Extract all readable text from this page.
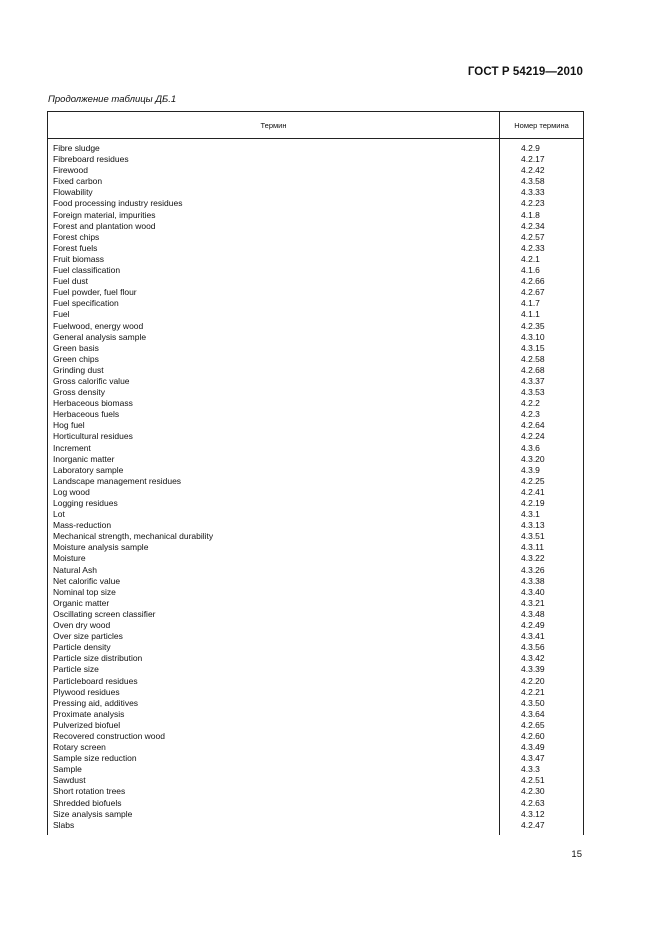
ГОСТ Р 54219—2010
Продолжение таблицы ДБ.1
Термин	Номер термина
Fibre sludge	4.2.9
Fibreboard residues	4.2.17
Firewood	4.2.42
Fixed carbon	4.3.58
Flowability	4.3.33
Food processing industry residues	4.2.23
Foreign material, impurities	4.1.8
Forest and plantation wood	4.2.34
Forest chips	4.2.57
Forest fuels	4.2.33
Fruit biomass	4.2.1
Fuel classification	4.1.6
Fuel dust	4.2.66
Fuel powder, fuel flour	4.2.67
Fuel specification	4.1.7
Fuel	4.1.1
Fuelwood, energy wood	4.2.35
General analysis sample	4.3.10
Green basis	4.3.15
Green chips	4.2.58
Grinding dust	4.2.68
Gross calorific value	4.3.37
Gross density	4.3.53
Herbaceous biomass	4.2.2
Herbaceous fuels	4.2.3
Hog fuel	4.2.64
Horticultural residues	4.2.24
Increment	4.3.6
Inorganic matter	4.3.20
Laboratory sample	4.3.9
Landscape management residues	4.2.25
Log wood	4.2.41
Logging residues	4.2.19
Lot	4.3.1
Mass-reduction	4.3.13
Mechanical strength, mechanical durability	4.3.51
Moisture analysis sample	4.3.11
Moisture	4.3.22
Natural Ash	4.3.26
Net calorific value	4.3.38
Nominal top size	4.3.40
Organic matter	4.3.21
Oscillating screen classifier	4.3.48
Oven dry wood	4.2.49
Over size particles	4.3.41
Particle density	4.3.56
Particle size distribution	4.3.42
Particle size	4.3.39
Particleboard residues	4.2.20
Plywood residues	4.2.21
Pressing aid, additives	4.3.50
Proximate analysis	4.3.64
Pulverized biofuel	4.2.65
Recovered construction wood	4.2.60
Rotary screen	4.3.49
Sample size reduction	4.3.47
Sample	4.3.3
Sawdust	4.2.51
Short rotation trees	4.2.30
Shredded biofuels	4.2.63
Size analysis sample	4.3.12
Slabs	4.2.47
15
